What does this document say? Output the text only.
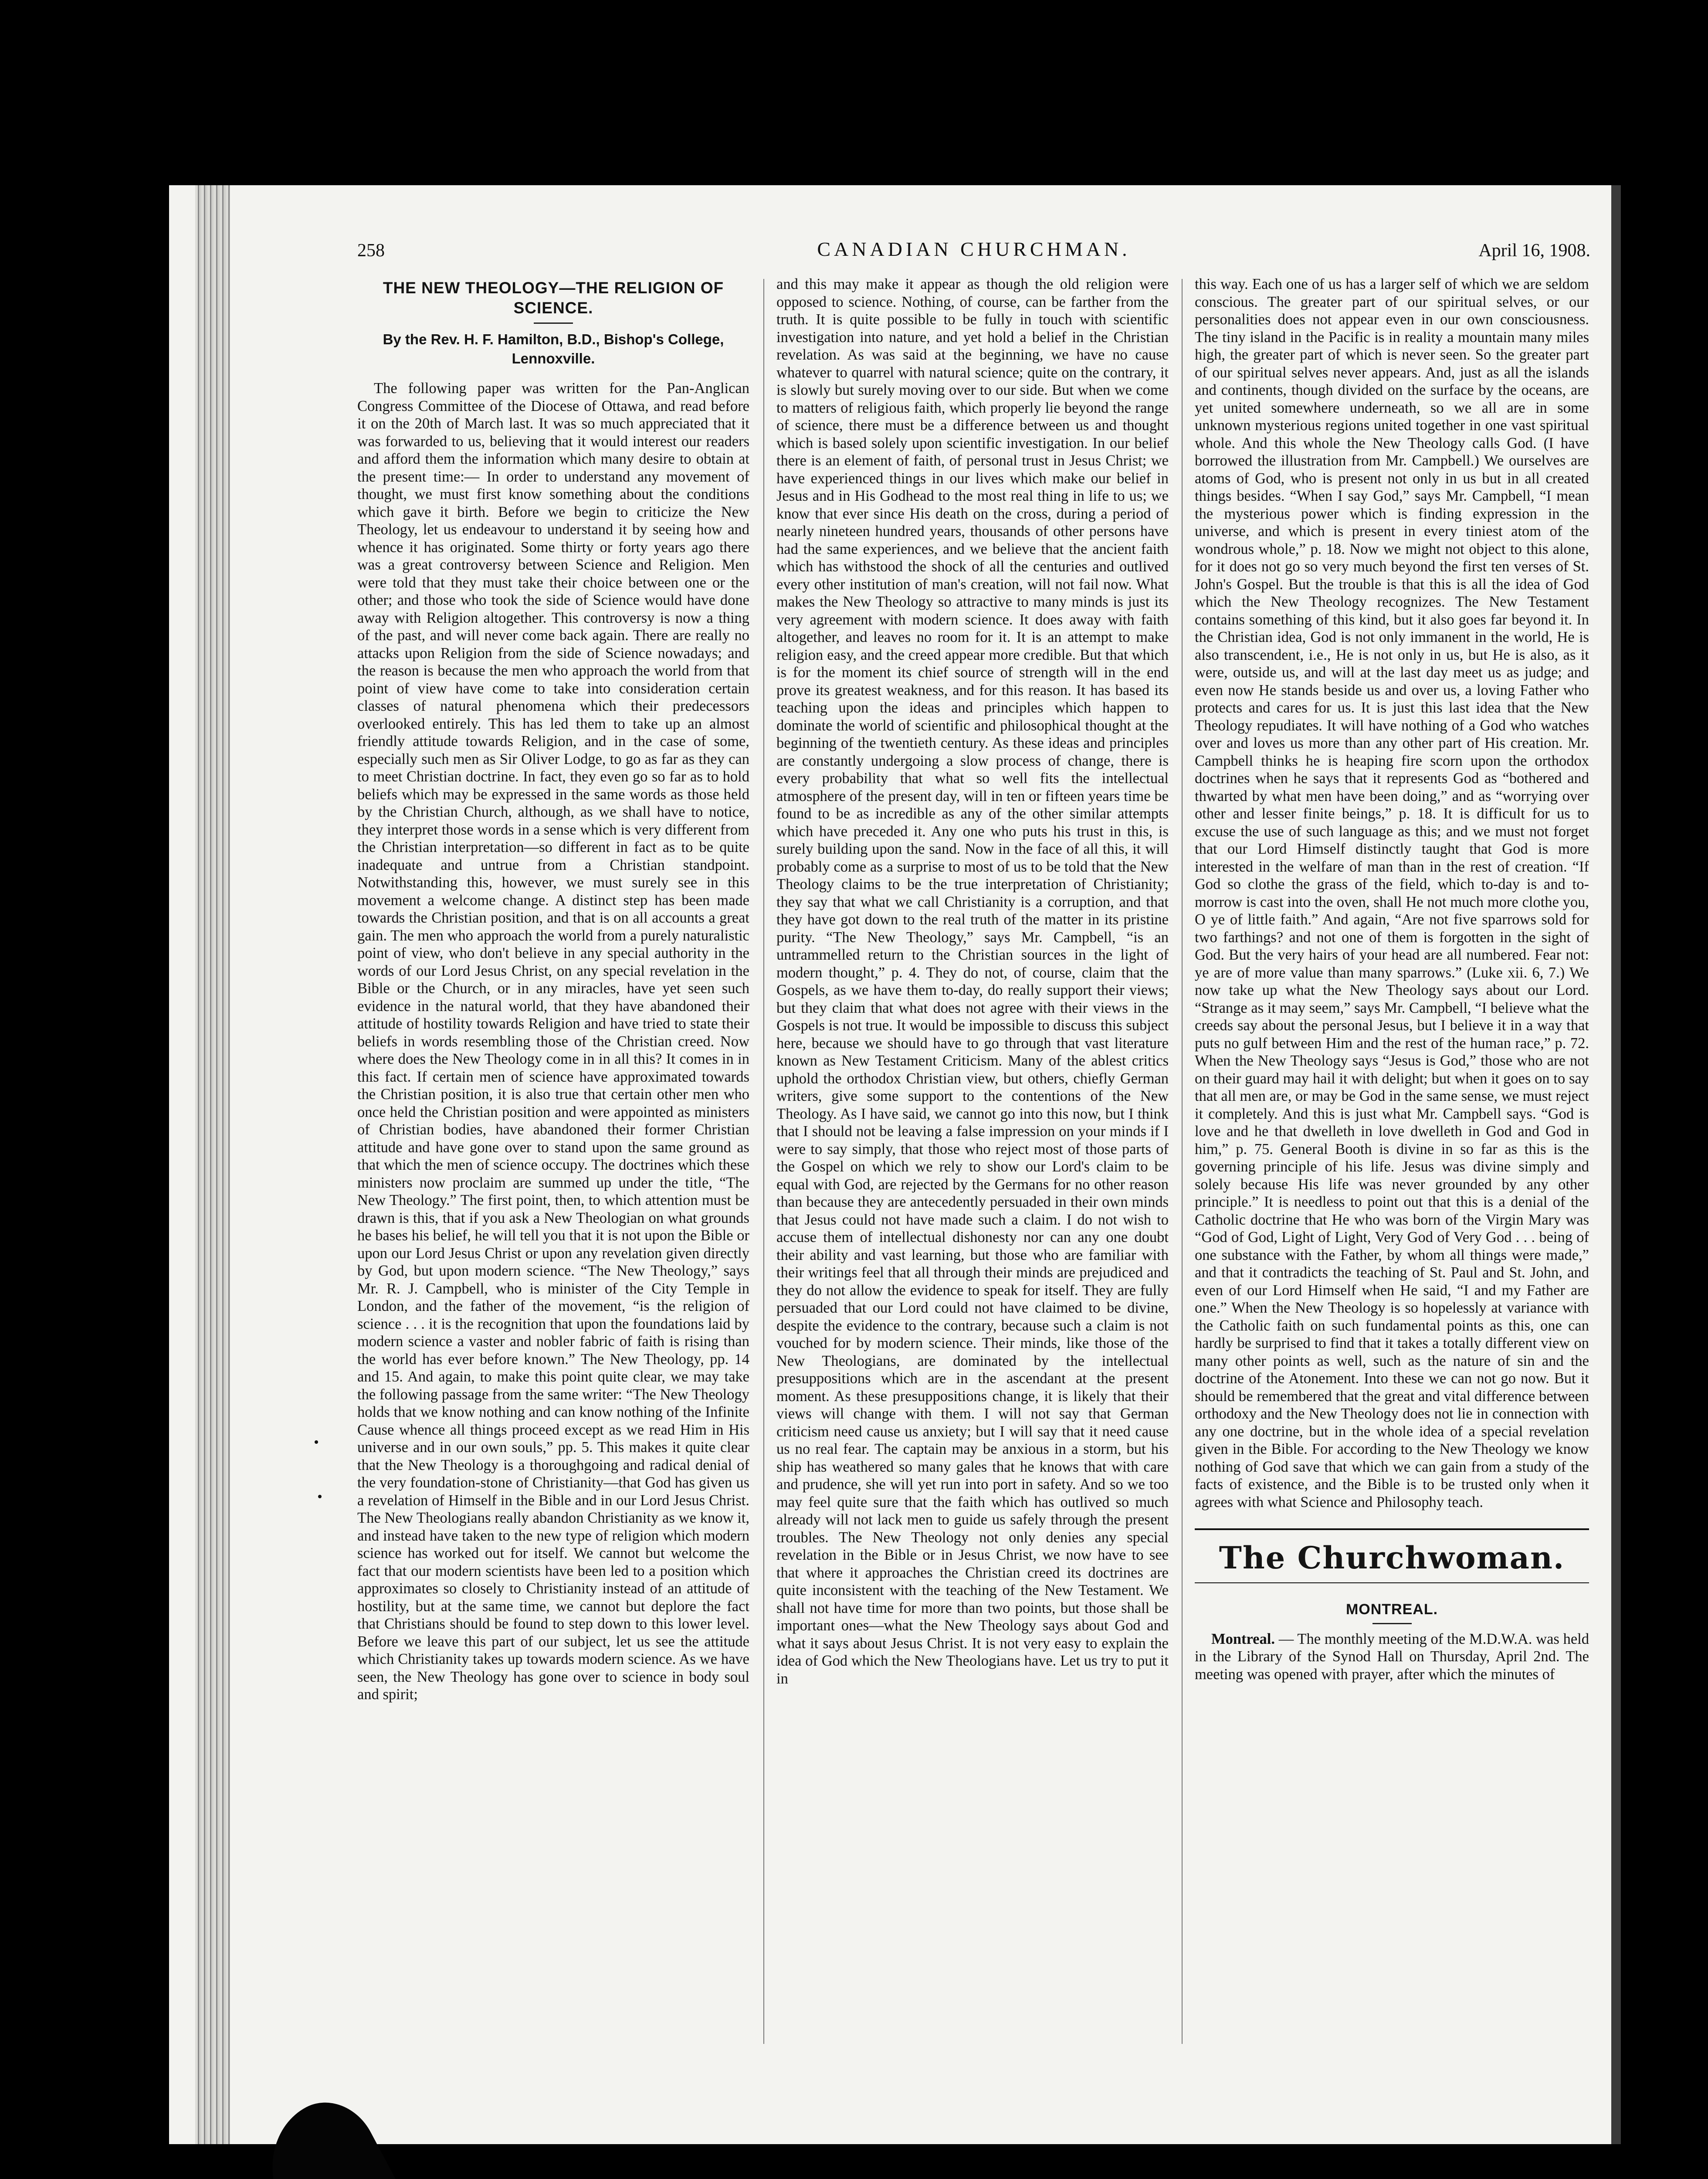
258	CANADIAN CHURCHMAN.	April 16, 1908.
THE NEW THEOLOGY—THE RELIGION OF SCIENCE.
By the Rev. H. F. Hamilton, B.D., Bishop's College, Lennoxville.

The following paper was written for the Pan-Anglican Congress Committee of the Diocese of Ottawa, and read before it on the 20th of March last. It was so much appreciated that it was forwarded to us, believing that it would interest our readers and afford them the information which many desire to obtain at the present time:— In order to understand any movement of thought, we must first know something about the conditions which gave it birth. Before we begin to criticize the New Theology, let us endeavour to understand it by seeing how and whence it has originated. Some thirty or forty years ago there was a great controversy between Science and Religion. Men were told that they must take their choice between one or the other; and those who took the side of Science would have done away with Religion altogether. This controversy is now a thing of the past, and will never come back again. There are really no attacks upon Religion from the side of Science nowadays; and the reason is because the men who approach the world from that point of view have come to take into consideration certain classes of natural phenomena which their predecessors overlooked entirely. This has led them to take up an almost friendly attitude towards Religion, and in the case of some, especially such men as Sir Oliver Lodge, to go as far as they can to meet Christian doctrine. In fact, they even go so far as to hold beliefs which may be expressed in the same words as those held by the Christian Church, although, as we shall have to notice, they interpret those words in a sense which is very different from the Christian interpretation—so different in fact as to be quite inadequate and untrue from a Christian standpoint. Notwithstanding this, however, we must surely see in this movement a welcome change. A distinct step has been made towards the Christian position, and that is on all accounts a great gain. The men who approach the world from a purely naturalistic point of view, who don't believe in any special authority in the words of our Lord Jesus Christ, on any special revelation in the Bible or the Church, or in any miracles, have yet seen such evidence in the natural world, that they have abandoned their attitude of hostility towards Religion and have tried to state their beliefs in words resembling those of the Christian creed. Now where does the New Theology come in in all this? It comes in in this fact. If certain men of science have approximated towards the Christian position, it is also true that certain other men who once held the Christian position and were appointed as ministers of Christian bodies, have abandoned their former Christian attitude and have gone over to stand upon the same ground as that which the men of science occupy. The doctrines which these ministers now proclaim are summed up under the title, “The New Theology.” The first point, then, to which attention must be drawn is this, that if you ask a New Theologian on what grounds he bases his belief, he will tell you that it is not upon the Bible or upon our Lord Jesus Christ or upon any revelation given directly by God, but upon modern science. “The New Theology,” says Mr. R. J. Campbell, who is minister of the City Temple in London, and the father of the movement, “is the religion of science . . . it is the recognition that upon the foundations laid by modern science a vaster and nobler fabric of faith is rising than the world has ever before known.” The New Theology, pp. 14 and 15. And again, to make this point quite clear, we may take the following passage from the same writer: “The New Theology holds that we know nothing and can know nothing of the Infinite Cause whence all things proceed except as we read Him in His universe and in our own souls,” pp. 5. This makes it quite clear that the New Theology is a thoroughgoing and radical denial of the very foundation-stone of Christianity—that God has given us a revelation of Himself in the Bible and in our Lord Jesus Christ. The New Theologians really abandon Christianity as we know it, and instead have taken to the new type of religion which modern science has worked out for itself. We cannot but welcome the fact that our modern scientists have been led to a position which approximates so closely to Christianity instead of an attitude of hostility, but at the same time, we cannot but deplore the fact that Christians should be found to step down to this lower level. Before we leave this part of our subject, let us see the attitude which Christianity takes up towards modern science. As we have seen, the New Theology has gone over to science in body soul and spirit;

and this may make it appear as though the old religion were opposed to science. Nothing, of course, can be farther from the truth. It is quite possible to be fully in touch with scientific investigation into nature, and yet hold a belief in the Christian revelation. As was said at the beginning, we have no cause whatever to quarrel with natural science; quite on the contrary, it is slowly but surely moving over to our side. But when we come to matters of religious faith, which properly lie beyond the range of science, there must be a difference between us and thought which is based solely upon scientific investigation. In our belief there is an element of faith, of personal trust in Jesus Christ; we have experienced things in our lives which make our belief in Jesus and in His Godhead to the most real thing in life to us; we know that ever since His death on the cross, during a period of nearly nineteen hundred years, thousands of other persons have had the same experiences, and we believe that the ancient faith which has withstood the shock of all the centuries and outlived every other institution of man's creation, will not fail now. What makes the New Theology so attractive to many minds is just its very agreement with modern science. It does away with faith altogether, and leaves no room for it. It is an attempt to make religion easy, and the creed appear more credible. But that which is for the moment its chief source of strength will in the end prove its greatest weakness, and for this reason. It has based its teaching upon the ideas and principles which happen to dominate the world of scientific and philosophical thought at the beginning of the twentieth century. As these ideas and principles are constantly undergoing a slow process of change, there is every probability that what so well fits the intellectual atmosphere of the present day, will in ten or fifteen years time be found to be as incredible as any of the other similar attempts which have preceded it. Any one who puts his trust in this, is surely building upon the sand. Now in the face of all this, it will probably come as a surprise to most of us to be told that the New Theology claims to be the true interpretation of Christianity; they say that what we call Christianity is a corruption, and that they have got down to the real truth of the matter in its pristine purity. “The New Theology,” says Mr. Campbell, “is an untrammelled return to the Christian sources in the light of modern thought,” p. 4. They do not, of course, claim that the Gospels, as we have them to-day, do really support their views; but they claim that what does not agree with their views in the Gospels is not true. It would be impossible to discuss this subject here, because we should have to go through that vast literature known as New Testament Criticism. Many of the ablest critics uphold the orthodox Christian view, but others, chiefly German writers, give some support to the contentions of the New Theology. As I have said, we cannot go into this now, but I think that I should not be leaving a false impression on your minds if I were to say simply, that those who reject most of those parts of the Gospel on which we rely to show our Lord's claim to be equal with God, are rejected by the Germans for no other reason than because they are antecedently persuaded in their own minds that Jesus could not have made such a claim. I do not wish to accuse them of intellectual dishonesty nor can any one doubt their ability and vast learning, but those who are familiar with their writings feel that all through their minds are prejudiced and they do not allow the evidence to speak for itself. They are fully persuaded that our Lord could not have claimed to be divine, despite the evidence to the contrary, because such a claim is not vouched for by modern science. Their minds, like those of the New Theologians, are dominated by the intellectual presuppositions which are in the ascendant at the present moment. As these presuppositions change, it is likely that their views will change with them. I will not say that German criticism need cause us anxiety; but I will say that it need cause us no real fear. The captain may be anxious in a storm, but his ship has weathered so many gales that he knows that with care and prudence, she will yet run into port in safety. And so we too may feel quite sure that the faith which has outlived so much already will not lack men to guide us safely through the present troubles. The New Theology not only denies any special revelation in the Bible or in Jesus Christ, we now have to see that where it approaches the Christian creed its doctrines are quite inconsistent with the teaching of the New Testament. We shall not have time for more than two points, but those shall be important ones—what the New Theology says about God and what it says about Jesus Christ. It is not very easy to explain the idea of God which the New Theologians have. Let us try to put it in

this way. Each one of us has a larger self of which we are seldom conscious. The greater part of our spiritual selves, or our personalities does not appear even in our own consciousness. The tiny island in the Pacific is in reality a mountain many miles high, the greater part of which is never seen. So the greater part of our spiritual selves never appears. And, just as all the islands and continents, though divided on the surface by the oceans, are yet united somewhere underneath, so we all are in some unknown mysterious regions united together in one vast spiritual whole. And this whole the New Theology calls God. (I have borrowed the illustration from Mr. Campbell.) We ourselves are atoms of God, who is present not only in us but in all created things besides. “When I say God,” says Mr. Campbell, “I mean the mysterious power which is finding expression in the universe, and which is present in every tiniest atom of the wondrous whole,” p. 18. Now we might not object to this alone, for it does not go so very much beyond the first ten verses of St. John's Gospel. But the trouble is that this is all the idea of God which the New Theology recognizes. The New Testament contains something of this kind, but it also goes far beyond it. In the Christian idea, God is not only immanent in the world, He is also transcendent, i.e., He is not only in us, but He is also, as it were, outside us, and will at the last day meet us as judge; and even now He stands beside us and over us, a loving Father who protects and cares for us. It is just this last idea that the New Theology repudiates. It will have nothing of a God who watches over and loves us more than any other part of His creation. Mr. Campbell thinks he is heaping fire scorn upon the orthodox doctrines when he says that it represents God as “bothered and thwarted by what men have been doing,” and as “worrying over other and lesser finite beings,” p. 18. It is difficult for us to excuse the use of such language as this; and we must not forget that our Lord Himself distinctly taught that God is more interested in the welfare of man than in the rest of creation. “If God so clothe the grass of the field, which to-day is and to-morrow is cast into the oven, shall He not much more clothe you, O ye of little faith.” And again, “Are not five sparrows sold for two farthings? and not one of them is forgotten in the sight of God. But the very hairs of your head are all numbered. Fear not: ye are of more value than many sparrows.” (Luke xii. 6, 7.) We now take up what the New Theology says about our Lord. “Strange as it may seem,” says Mr. Campbell, “I believe what the creeds say about the personal Jesus, but I believe it in a way that puts no gulf between Him and the rest of the human race,” p. 72. When the New Theology says “Jesus is God,” those who are not on their guard may hail it with delight; but when it goes on to say that all men are, or may be God in the same sense, we must reject it completely. And this is just what Mr. Campbell says. “God is love and he that dwelleth in love dwelleth in God and God in him,” p. 75. General Booth is divine in so far as this is the governing principle of his life. Jesus was divine simply and solely because His life was never grounded by any other principle.” It is needless to point out that this is a denial of the Catholic doctrine that He who was born of the Virgin Mary was “God of God, Light of Light, Very God of Very God . . . being of one substance with the Father, by whom all things were made,” and that it contradicts the teaching of St. Paul and St. John, and even of our Lord Himself when He said, “I and my Father are one.” When the New Theology is so hopelessly at variance with the Catholic faith on such fundamental points as this, one can hardly be surprised to find that it takes a totally different view on many other points as well, such as the nature of sin and the doctrine of the Atonement. Into these we can not go now. But it should be remembered that the great and vital difference between orthodoxy and the New Theology does not lie in connection with any one doctrine, but in the whole idea of a special revelation given in the Bible. For according to the New Theology we know nothing of God save that which we can gain from a study of the facts of existence, and the Bible is to be trusted only when it agrees with what Science and Philosophy teach.

The Churchwoman.
MONTREAL.

Montreal. — The monthly meeting of the M.D.W.A. was held in the Library of the Synod Hall on Thursday, April 2nd. The meeting was opened with prayer, after which the minutes of
